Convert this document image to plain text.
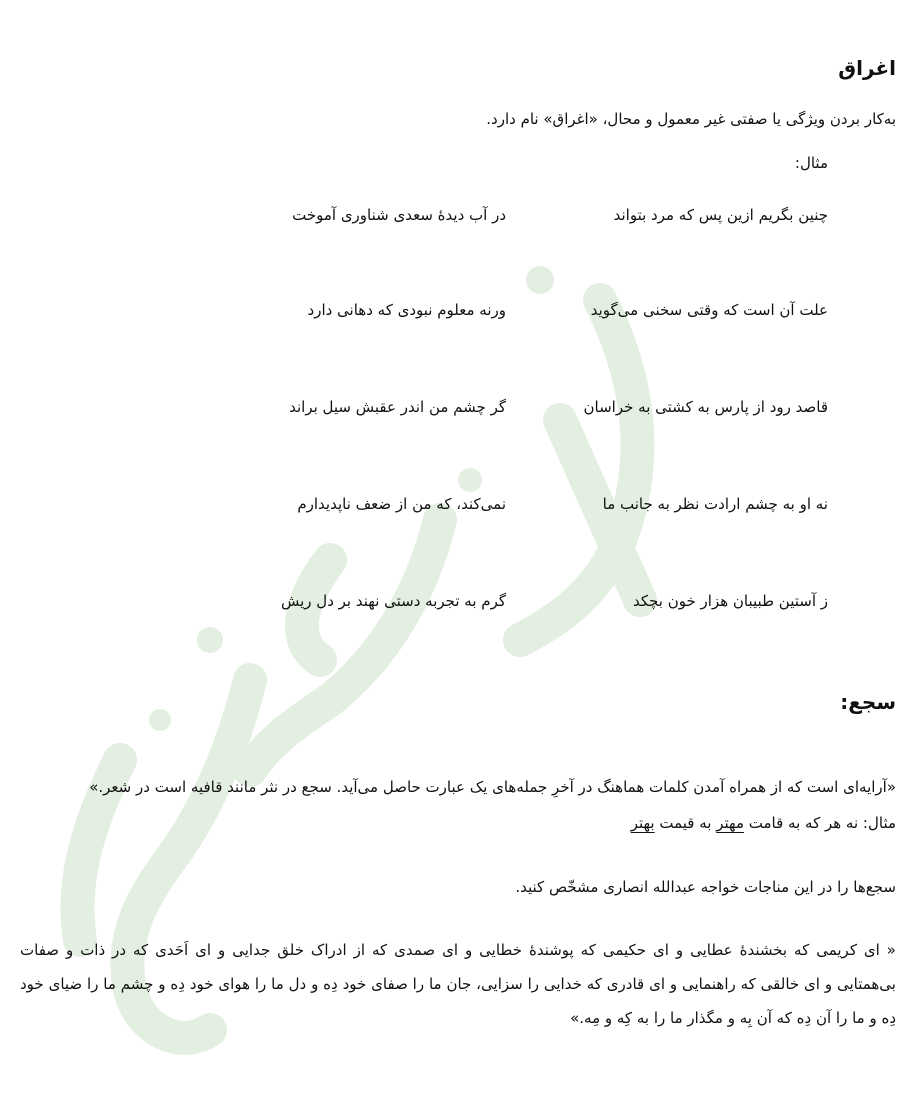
اغراق
به‌کار بردن ویژگی یا صفتی غیر معمول و محال، «اغراق» نام دارد.
مثال:
چنین بگریم ازین پس که مرد بتواند
در آب دیدهٔ سعدی شناوری آموخت
علت آن است که وقتی سخنی می‌گوید
ورنه معلوم نبودی که دهانی دارد
قاصد رود از پارس به کشتی به خراسان
گر چشم من اندر عقبش سیل براند
نه او به چشم ارادت نظر به جانب ما
نمی‌کند، که من از ضعف ناپدیدارم
ز آستین طبیبان هزار خون بچکد
گرم به تجربه دستی نهند بر دل ریش
سجع:
«آرایه‌ای است که از همراه آمدن کلمات هماهنگ در آخرِ جمله‌های یک عبارت حاصل می‌آید. سجع در نثر مانند قافیه است در شعر.»
مثال: نه هر که به قامت مهتر به قیمت بهتر
سجع‌ها را در این مناجات خواجه عبدالله انصاری مشخّص کنید.
« ای کریمی که بخشندهٔ عطایی و ای حکیمی که پوشندهٔ خطایی و ای صمدی که از ادراک خلق جدایی و ای اَحَدی که در ذات و صفات بی‌همتایی و ای خالقی که راهنمایی و ای قادری که خدایی را سزایی، جان ما را صفای خود دِه و دل ما را هوای خود دِه و چشم ما را ضیای خود دِه و ما را آن دِه که آن بِه و مگذار ما را به کِه و مِه.»
